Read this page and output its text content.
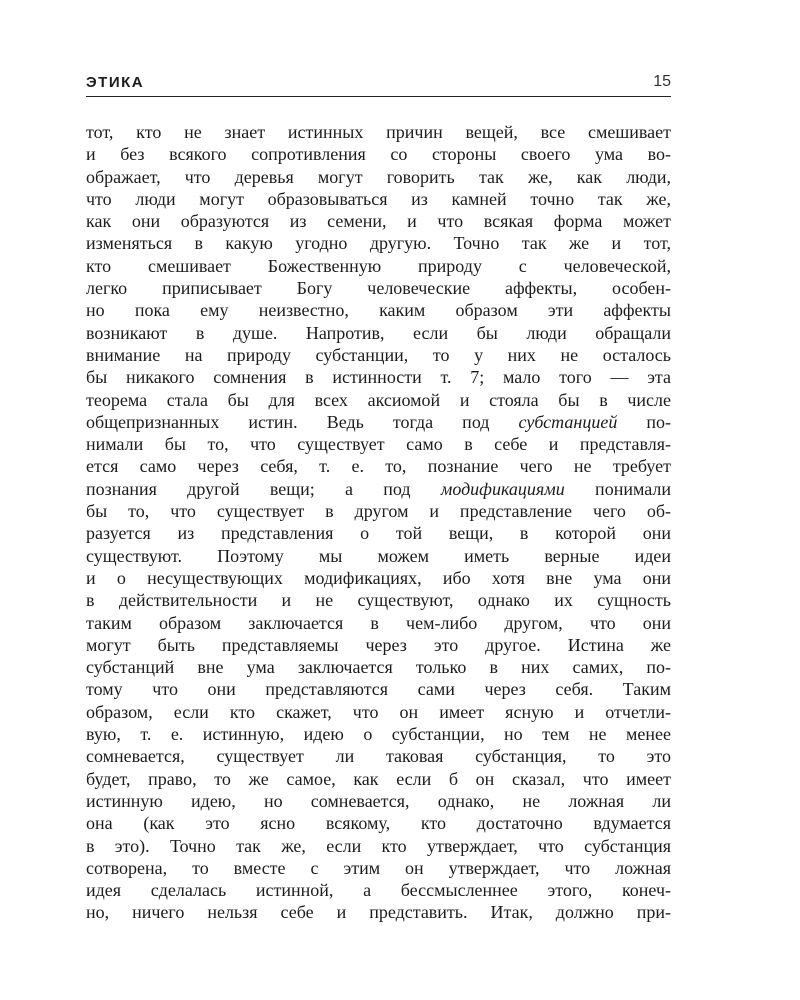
ЭТИКА	15
тот, кто не знает истинных причин вещей, все смешивает
и без всякого сопротивления со стороны своего ума во-
ображает, что деревья могут говорить так же, как люди,
что люди могут образовываться из камней точно так же,
как они образуются из семени, и что всякая форма может
изменяться в какую угодно другую. Точно так же и тот,
кто смешивает Божественную природу с человеческой,
легко приписывает Богу человеческие аффекты, особен-
но пока ему неизвестно, каким образом эти аффекты
возникают в душе. Напротив, если бы люди обращали
внимание на природу субстанции, то у них не осталось
бы никакого сомнения в истинности т. 7; мало того — эта
теорема стала бы для всех аксиомой и стояла бы в числе
общепризнанных истин. Ведь тогда под субстанцией по-
нимали бы то, что существует само в себе и представля-
ется само через себя, т. е. то, познание чего не требует
познания другой вещи; а под модификациями понимали
бы то, что существует в другом и представление чего об-
разуется из представления о той вещи, в которой они
существуют. Поэтому мы можем иметь верные идеи
и о несуществующих модификациях, ибо хотя вне ума они
в действительности и не существуют, однако их сущность
таким образом заключается в чем-либо другом, что они
могут быть представляемы через это другое. Истина же
субстанций вне ума заключается только в них самих, по-
тому что они представляются сами через себя. Таким
образом, если кто скажет, что он имеет ясную и отчетли-
вую, т. е. истинную, идею о субстанции, но тем не менее
сомневается, существует ли таковая субстанция, то это
будет, право, то же самое, как если б он сказал, что имеет
истинную идею, но сомневается, однако, не ложная ли
она (как это ясно всякому, кто достаточно вдумается
в это). Точно так же, если кто утверждает, что субстанция
сотворена, то вместе с этим он утверждает, что ложная
идея сделалась истинной, а бессмысленнее этого, конеч-
но, ничего нельзя себе и представить. Итак, должно при-
